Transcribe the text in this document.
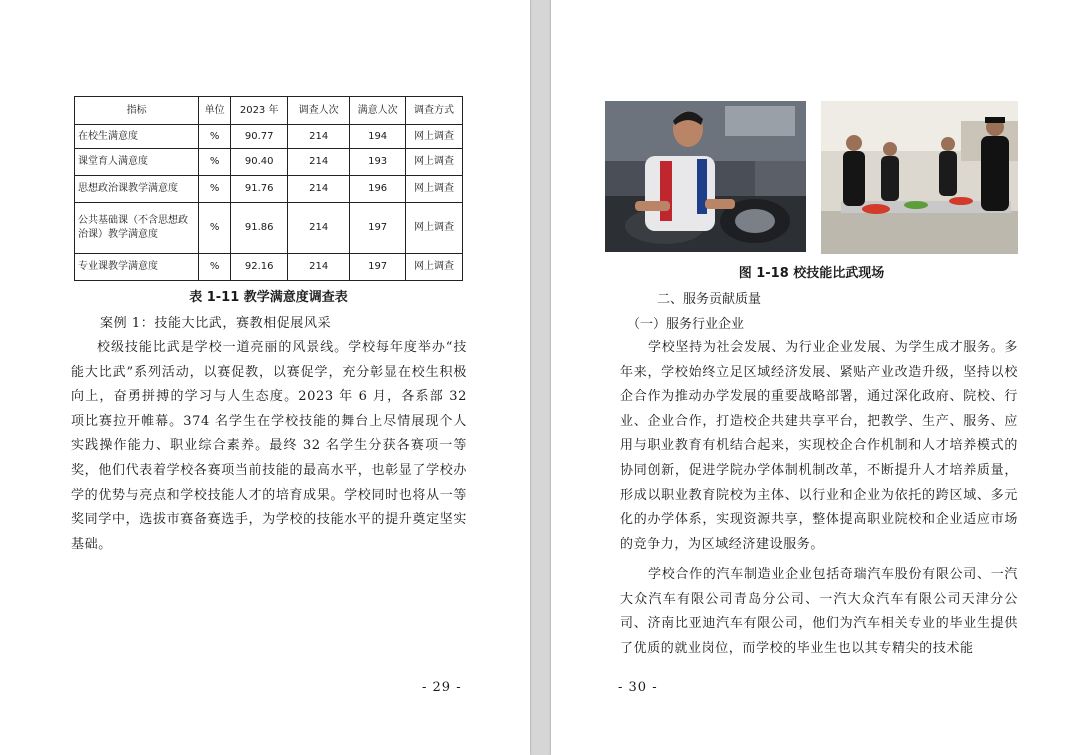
指标	单位	2023 年	调查人次	满意人次	调查方式
在校生满意度	%	90.77	214	194	网上调查
课堂育人满意度	%	90.40	214	193	网上调查
思想政治课教学满意度	%	91.76	214	196	网上调查
公共基础课（不含思想政治课）教学满意度	%	91.86	214	197	网上调查
专业课教学满意度	%	92.16	214	197	网上调查
表 1-11 教学满意度调查表
案例 1：技能大比武，赛教相促展风采
校级技能比武是学校一道亮丽的风景线。学校每年度举办“技能大比武”系列活动，以赛促教，以赛促学，充分彰显在校生积极向上，奋勇拼搏的学习与人生态度。2023 年 6 月，各系部 32 项比赛拉开帷幕。374 名学生在学校技能的舞台上尽情展现个人实践操作能力、职业综合素养。最终 32 名学生分获各赛项一等奖，他们代表着学校各赛项当前技能的最高水平，也彰显了学校办学的优势与亮点和学校技能人才的培育成果。学校同时也将从一等奖同学中，选拔市赛备赛选手，为学校的技能水平的提升奠定坚实基础。
- 29 -
图 1-18 校技能比武现场
二、服务贡献质量
（一）服务行业企业
学校坚持为社会发展、为行业企业发展、为学生成才服务。多年来，学校始终立足区域经济发展、紧贴产业改造升级，坚持以校企合作为推动办学发展的重要战略部署，通过深化政府、院校、行业、企业合作，打造校企共建共享平台，把教学、生产、服务、应用与职业教育有机结合起来，实现校企合作机制和人才培养模式的协同创新，促进学院办学体制机制改革，不断提升人才培养质量，形成以职业教育院校为主体、以行业和企业为依托的跨区域、多元化的办学体系，实现资源共享，整体提高职业院校和企业适应市场的竞争力，为区域经济建设服务。
学校合作的汽车制造业企业包括奇瑞汽车股份有限公司、一汽大众汽车有限公司青岛分公司、一汽大众汽车有限公司天津分公司、济南比亚迪汽车有限公司，他们为汽车相关专业的毕业生提供了优质的就业岗位，而学校的毕业生也以其专精尖的技术能
- 30 -
